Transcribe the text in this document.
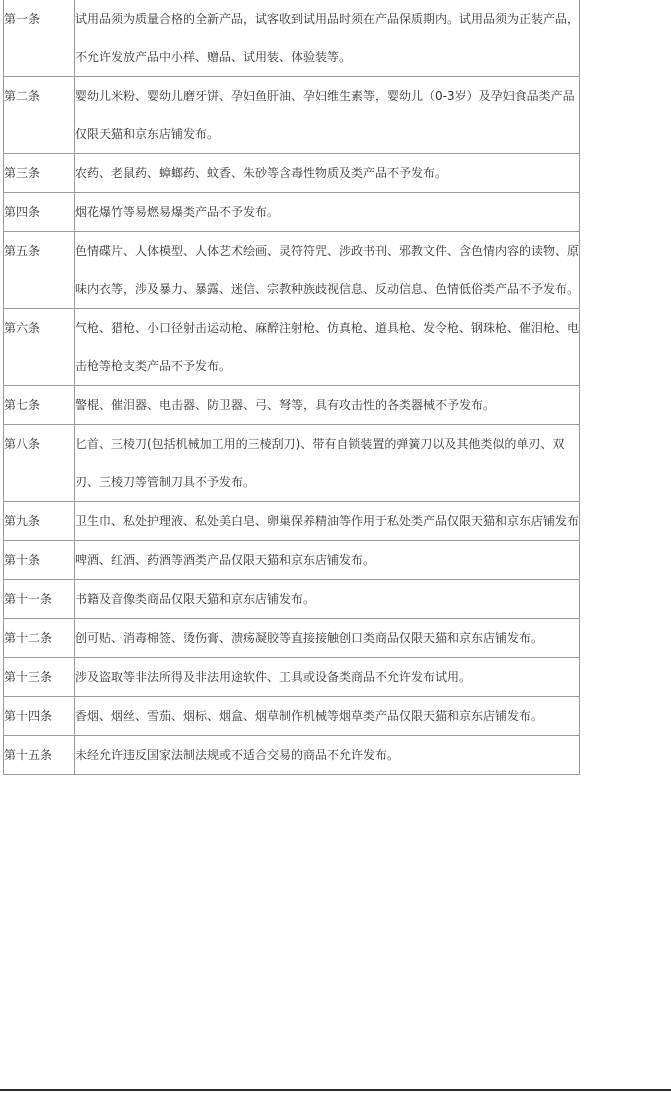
第一条	试用品须为质量合格的全新产品，试客收到试用品时须在产品保质期内。试用品须为正装产品，不允许发放产品中小样、赠品、试用装、体验装等。
第二条	婴幼儿米粉、婴幼儿磨牙饼、孕妇鱼肝油、孕妇维生素等，婴幼儿（0-3岁）及孕妇食品类产品仅限天猫和京东店铺发布。
第三条	农药、老鼠药、蟑螂药、蚊香、朱砂等含毒性物质及类产品不予发布。
第四条	烟花爆竹等易燃易爆类产品不予发布。
第五条	色情碟片、人体模型、人体艺术绘画、灵符符咒、涉政书刊、邪教文件、含色情内容的读物、原味内衣等，涉及暴力、暴露、迷信、宗教种族歧视信息、反动信息、色情低俗类产品不予发布。
第六条	气枪、猎枪、小口径射击运动枪、麻醉注射枪、仿真枪、道具枪、发令枪、钢珠枪、催泪枪、电击枪等枪支类产品不予发布。
第七条	警棍、催泪器、电击器、防卫器、弓、弩等，具有攻击性的各类器械不予发布。
第八条	匕首、三棱刀(包括机械加工用的三棱刮刀)、带有自锁装置的弹簧刀以及其他类似的单刃、双刃、三棱刀等管制刀具不予发布。
第九条	卫生巾、私处护理液、私处美白皂、卵巢保养精油等作用于私处类产品仅限天猫和京东店铺发布
第十条	啤酒、红酒、药酒等酒类产品仅限天猫和京东店铺发布。
第十一条	书籍及音像类商品仅限天猫和京东店铺发布。
第十二条	创可贴、消毒棉签、烫伤膏、溃疡凝胶等直接接触创口类商品仅限天猫和京东店铺发布。
第十三条	涉及盗取等非法所得及非法用途软件、工具或设备类商品不允许发布试用。
第十四条	香烟、烟丝、雪茄、烟标、烟盒、烟草制作机械等烟草类产品仅限天猫和京东店铺发布。
第十五条	未经允许违反国家法制法规或不适合交易的商品不允许发布。
